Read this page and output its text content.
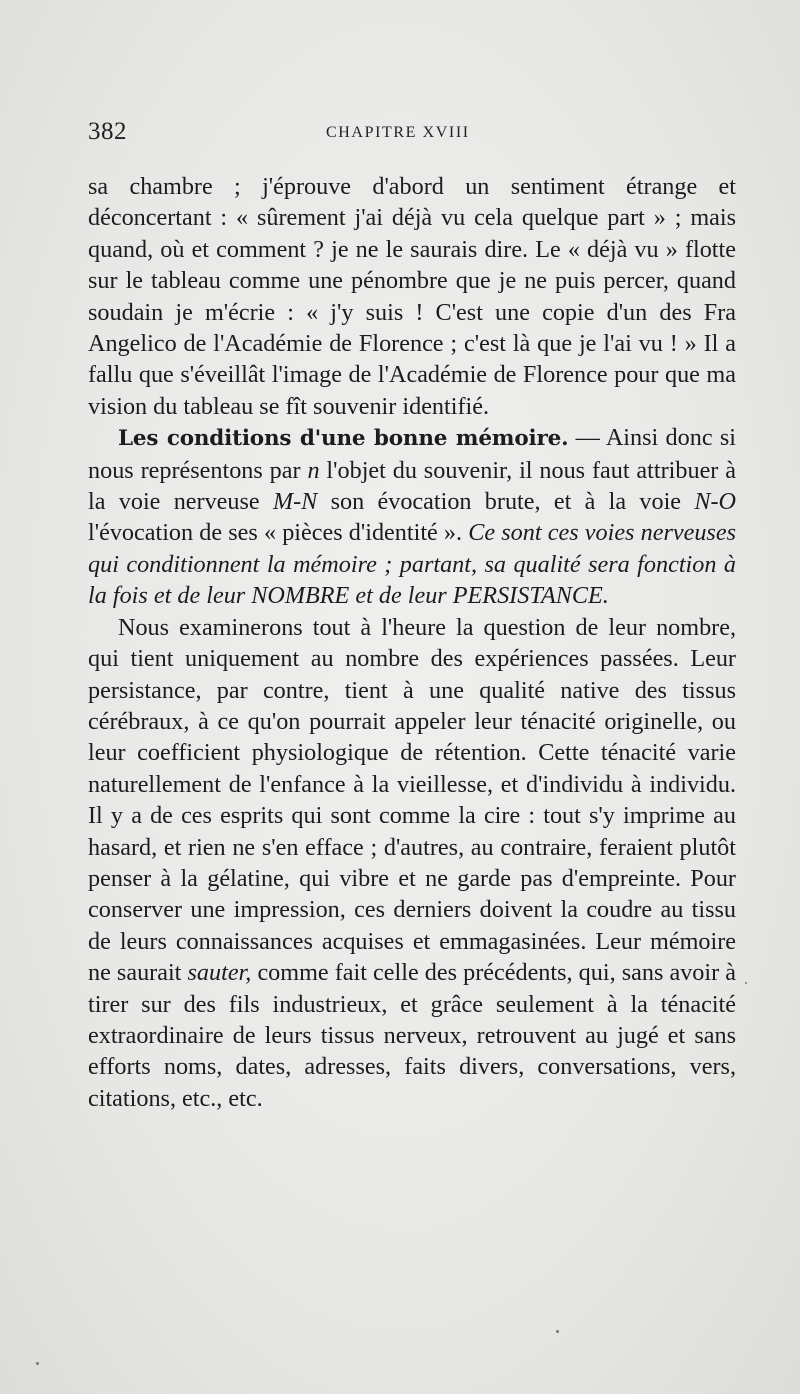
382	CHAPITRE XVIII

sa chambre ; j'éprouve d'abord un sentiment étrange et déconcertant : « sûrement j'ai déjà vu cela quelque part » ; mais quand, où et comment ? je ne le saurais dire. Le « déjà vu » flotte sur le tableau comme une pénombre que je ne puis percer, quand soudain je m'écrie : « j'y suis ! C'est une copie d'un des Fra Angelico de l'Académie de Florence ; c'est là que je l'ai vu ! » Il a fallu que s'éveillât l'image de l'Académie de Florence pour que ma vision du tableau se fît souvenir identifié.

Les conditions d'une bonne mémoire. — Ainsi donc si nous représentons par n l'objet du souvenir, il nous faut attribuer à la voie nerveuse M-N son évocation brute, et à la voie N-O l'évocation de ses « pièces d'identité ». Ce sont ces voies nerveuses qui conditionnent la mémoire ; partant, sa qualité sera fonction à la fois et de leur NOMBRE et de leur PERSISTANCE.

Nous examinerons tout à l'heure la question de leur nombre, qui tient uniquement au nombre des expériences passées. Leur persistance, par contre, tient à une qualité native des tissus cérébraux, à ce qu'on pourrait appeler leur ténacité originelle, ou leur coefficient physiologique de rétention. Cette ténacité varie naturellement de l'enfance à la vieillesse, et d'individu à individu. Il y a de ces esprits qui sont comme la cire : tout s'y imprime au hasard, et rien ne s'en efface ; d'autres, au contraire, feraient plutôt penser à la gélatine, qui vibre et ne garde pas d'empreinte. Pour conserver une impression, ces derniers doivent la coudre au tissu de leurs connaissances acquises et emmagasinées. Leur mémoire ne saurait sauter, comme fait celle des précédents, qui, sans avoir à tirer sur des fils industrieux, et grâce seulement à la ténacité extraordinaire de leurs tissus nerveux, retrouvent au jugé et sans efforts noms, dates, adresses, faits divers, conversations, vers, citations, etc., etc.
